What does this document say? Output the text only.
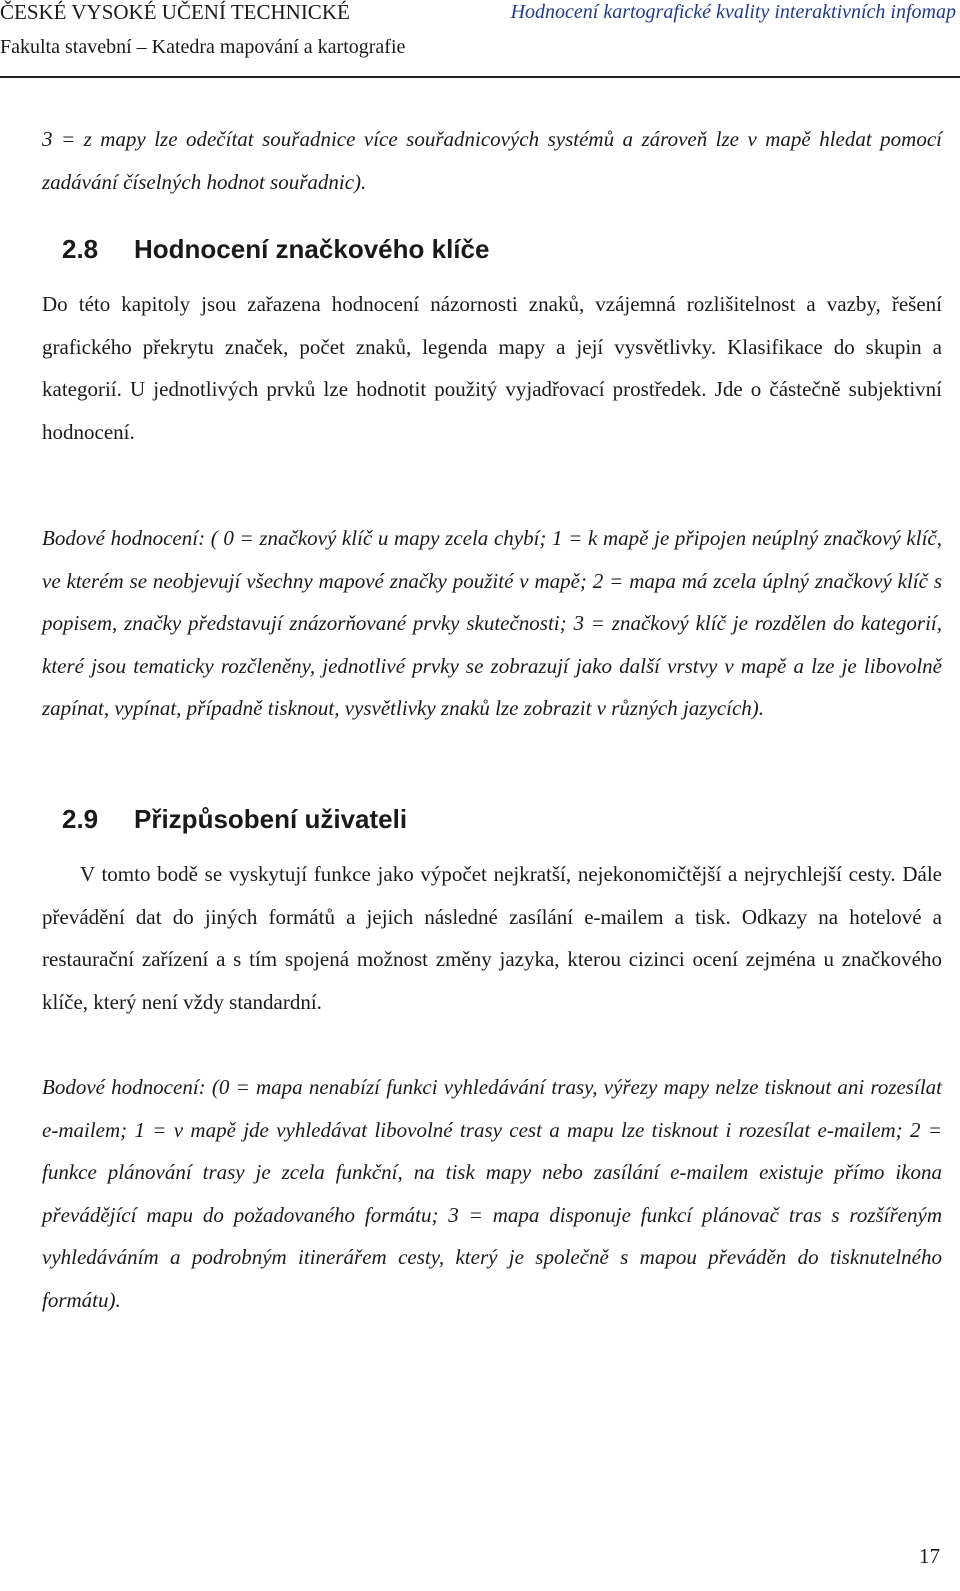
ČESKÉ VYSOKÉ UČENÍ TECHNICKÉ
Fakulta stavební – Katedra mapování a kartografie
Hodnocení kartografické kvality interaktivních infomap

3 = z mapy lze odečítat souřadnice více souřadnicových systémů a zároveň lze v mapě hledat pomocí zadávání číselných hodnot souřadnic).

2.8 Hodnocení značkového klíče

Do této kapitoly jsou zařazena hodnocení názornosti znaků, vzájemná rozlišitelnost a vazby, řešení grafického překrytu značek, počet znaků, legenda mapy a její vysvětlivky. Klasifikace do skupin a kategorií. U jednotlivých prvků lze hodnotit použitý vyjadřovací prostředek. Jde o částečně subjektivní hodnocení.

Bodové hodnocení: ( 0 = značkový klíč u mapy zcela chybí; 1 = k mapě je připojen neúplný značkový klíč, ve kterém se neobjevují všechny mapové značky použité v mapě; 2 = mapa má zcela úplný značkový klíč s popisem, značky představují znázorňované prvky skutečnosti; 3 = značkový klíč je rozdělen do kategorií, které jsou tematicky rozčleněny, jednotlivé prvky se zobrazují jako další vrstvy v mapě a lze je libovolně zapínat, vypínat, případně tisknout, vysvětlivky znaků lze zobrazit v různých jazycích).

2.9 Přizpůsobení uživateli

V tomto bodě se vyskytují funkce jako výpočet nejkratší, nejekonomičtější a nejrychlejší cesty. Dále převádění dat do jiných formátů a jejich následné zasílání e-mailem a tisk. Odkazy na hotelové a restaurační zařízení a s tím spojená možnost změny jazyka, kterou cizinci ocení zejména u značkového klíče, který není vždy standardní.

Bodové hodnocení: (0 = mapa nenabízí funkci vyhledávání trasy, výřezy mapy nelze tisknout ani rozesílat e-mailem; 1 = v mapě jde vyhledávat libovolné trasy cest a mapu lze tisknout i rozesílat e-mailem; 2 = funkce plánování trasy je zcela funkční, na tisk mapy nebo zasílání e-mailem existuje přímo ikona převádějící mapu do požadovaného formátu; 3 = mapa disponuje funkcí plánovač tras s rozšířeným vyhledáváním a podrobným itinerářem cesty, který je společně s mapou převáděn do tisknutelného formátu).

17
